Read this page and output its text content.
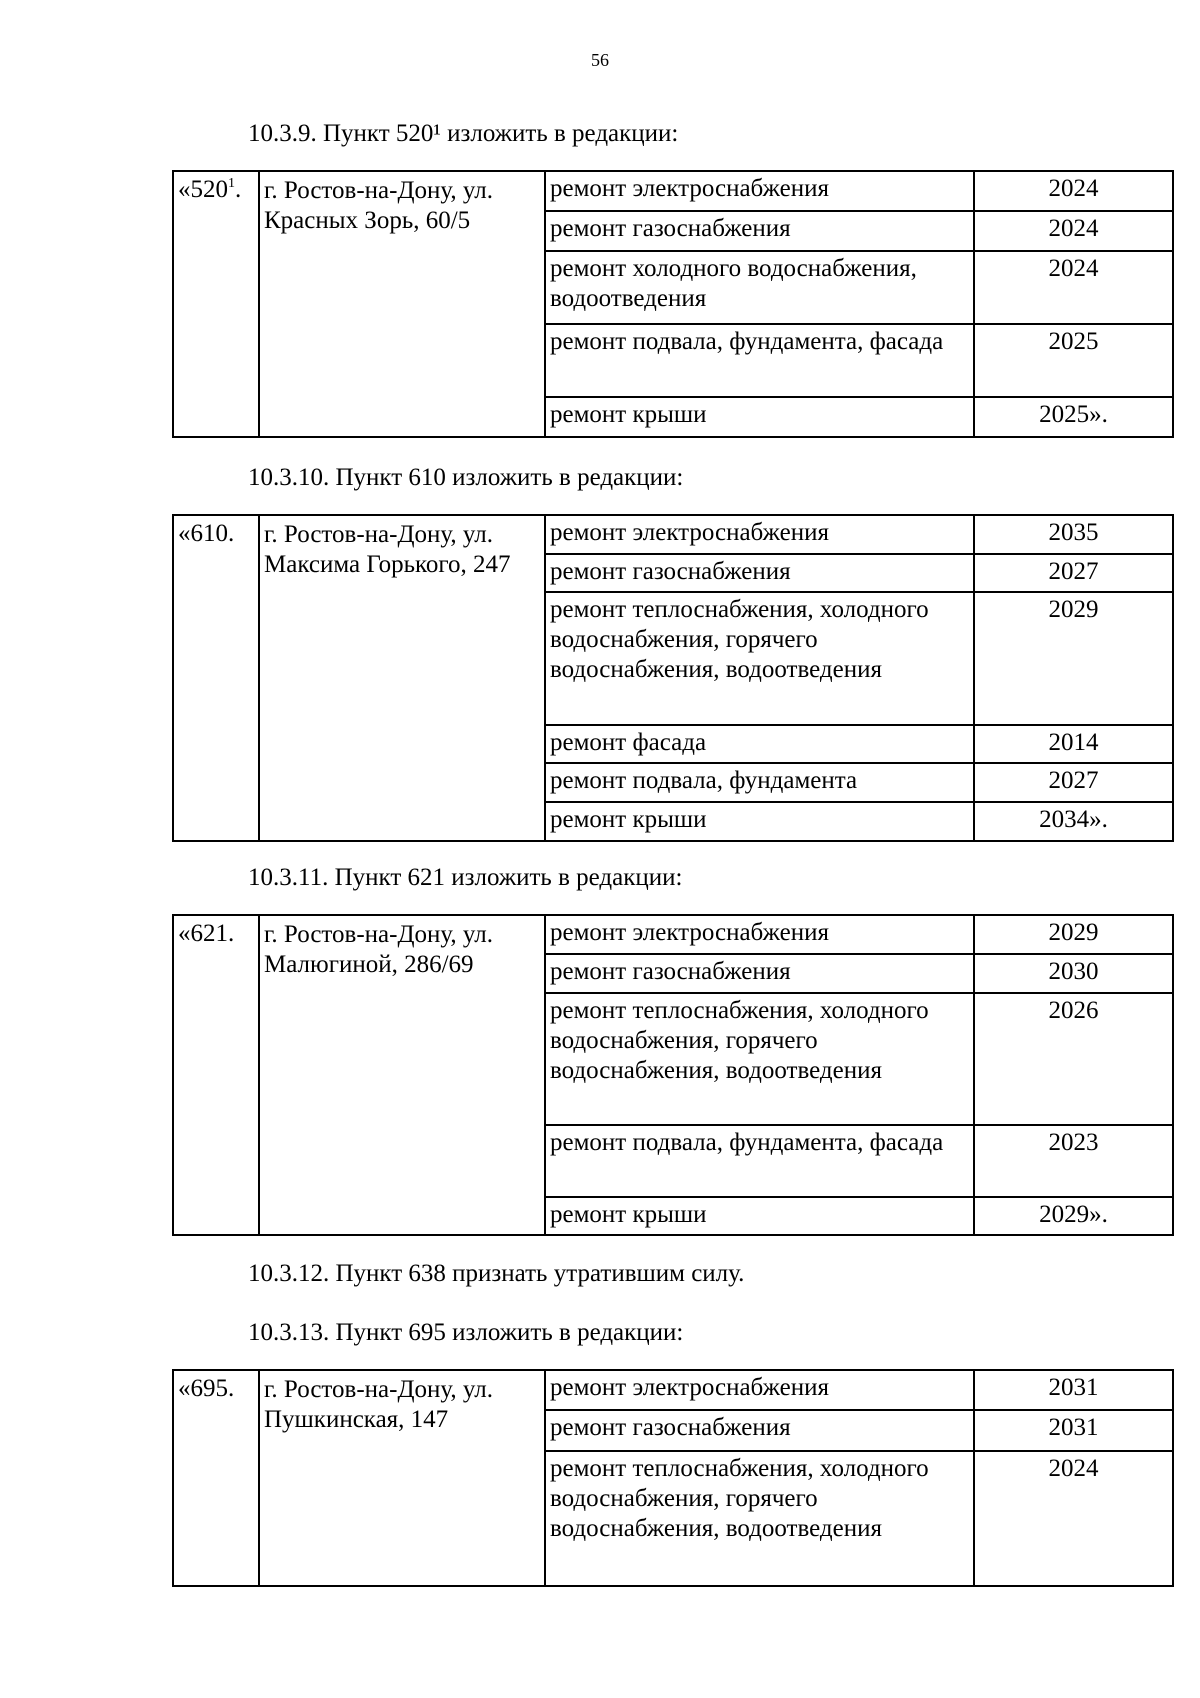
56
10.3.9. Пункт 520¹ изложить в редакции:
«$520^1$.	г. Ростов-на-Дону, ул. Красных Зорь, 60/5	ремонт электроснабжения	2024
		ремонт газоснабжения	2024
		ремонт холодного водоснабжения, водоотведения	2024
		ремонт подвала, фундамента, фасада	2025
		ремонт крыши	2025».
10.3.10. Пункт 610 изложить в редакции:
«610.	г. Ростов-на-Дону, ул. Максима Горького, 247	ремонт электроснабжения	2035
		ремонт газоснабжения	2027
		ремонт теплоснабжения, холодного водоснабжения, горячего водоснабжения, водоотведения	2029
		ремонт фасада	2014
		ремонт подвала, фундамента	2027
		ремонт крыши	2034».
10.3.11. Пункт 621 изложить в редакции:
«621.	г. Ростов-на-Дону, ул. Малюгиной, 286/69	ремонт электроснабжения	2029
		ремонт газоснабжения	2030
		ремонт теплоснабжения, холодного водоснабжения, горячего водоснабжения, водоотведения	2026
		ремонт подвала, фундамента, фасада	2023
		ремонт крыши	2029».
10.3.12. Пункт 638 признать утратившим силу.
10.3.13. Пункт 695 изложить в редакции:
«695.	г. Ростов-на-Дону, ул. Пушкинская, 147	ремонт электроснабжения	2031
		ремонт газоснабжения	2031
		ремонт теплоснабжения, холодного водоснабжения, горячего водоснабжения, водоотведения	2024
